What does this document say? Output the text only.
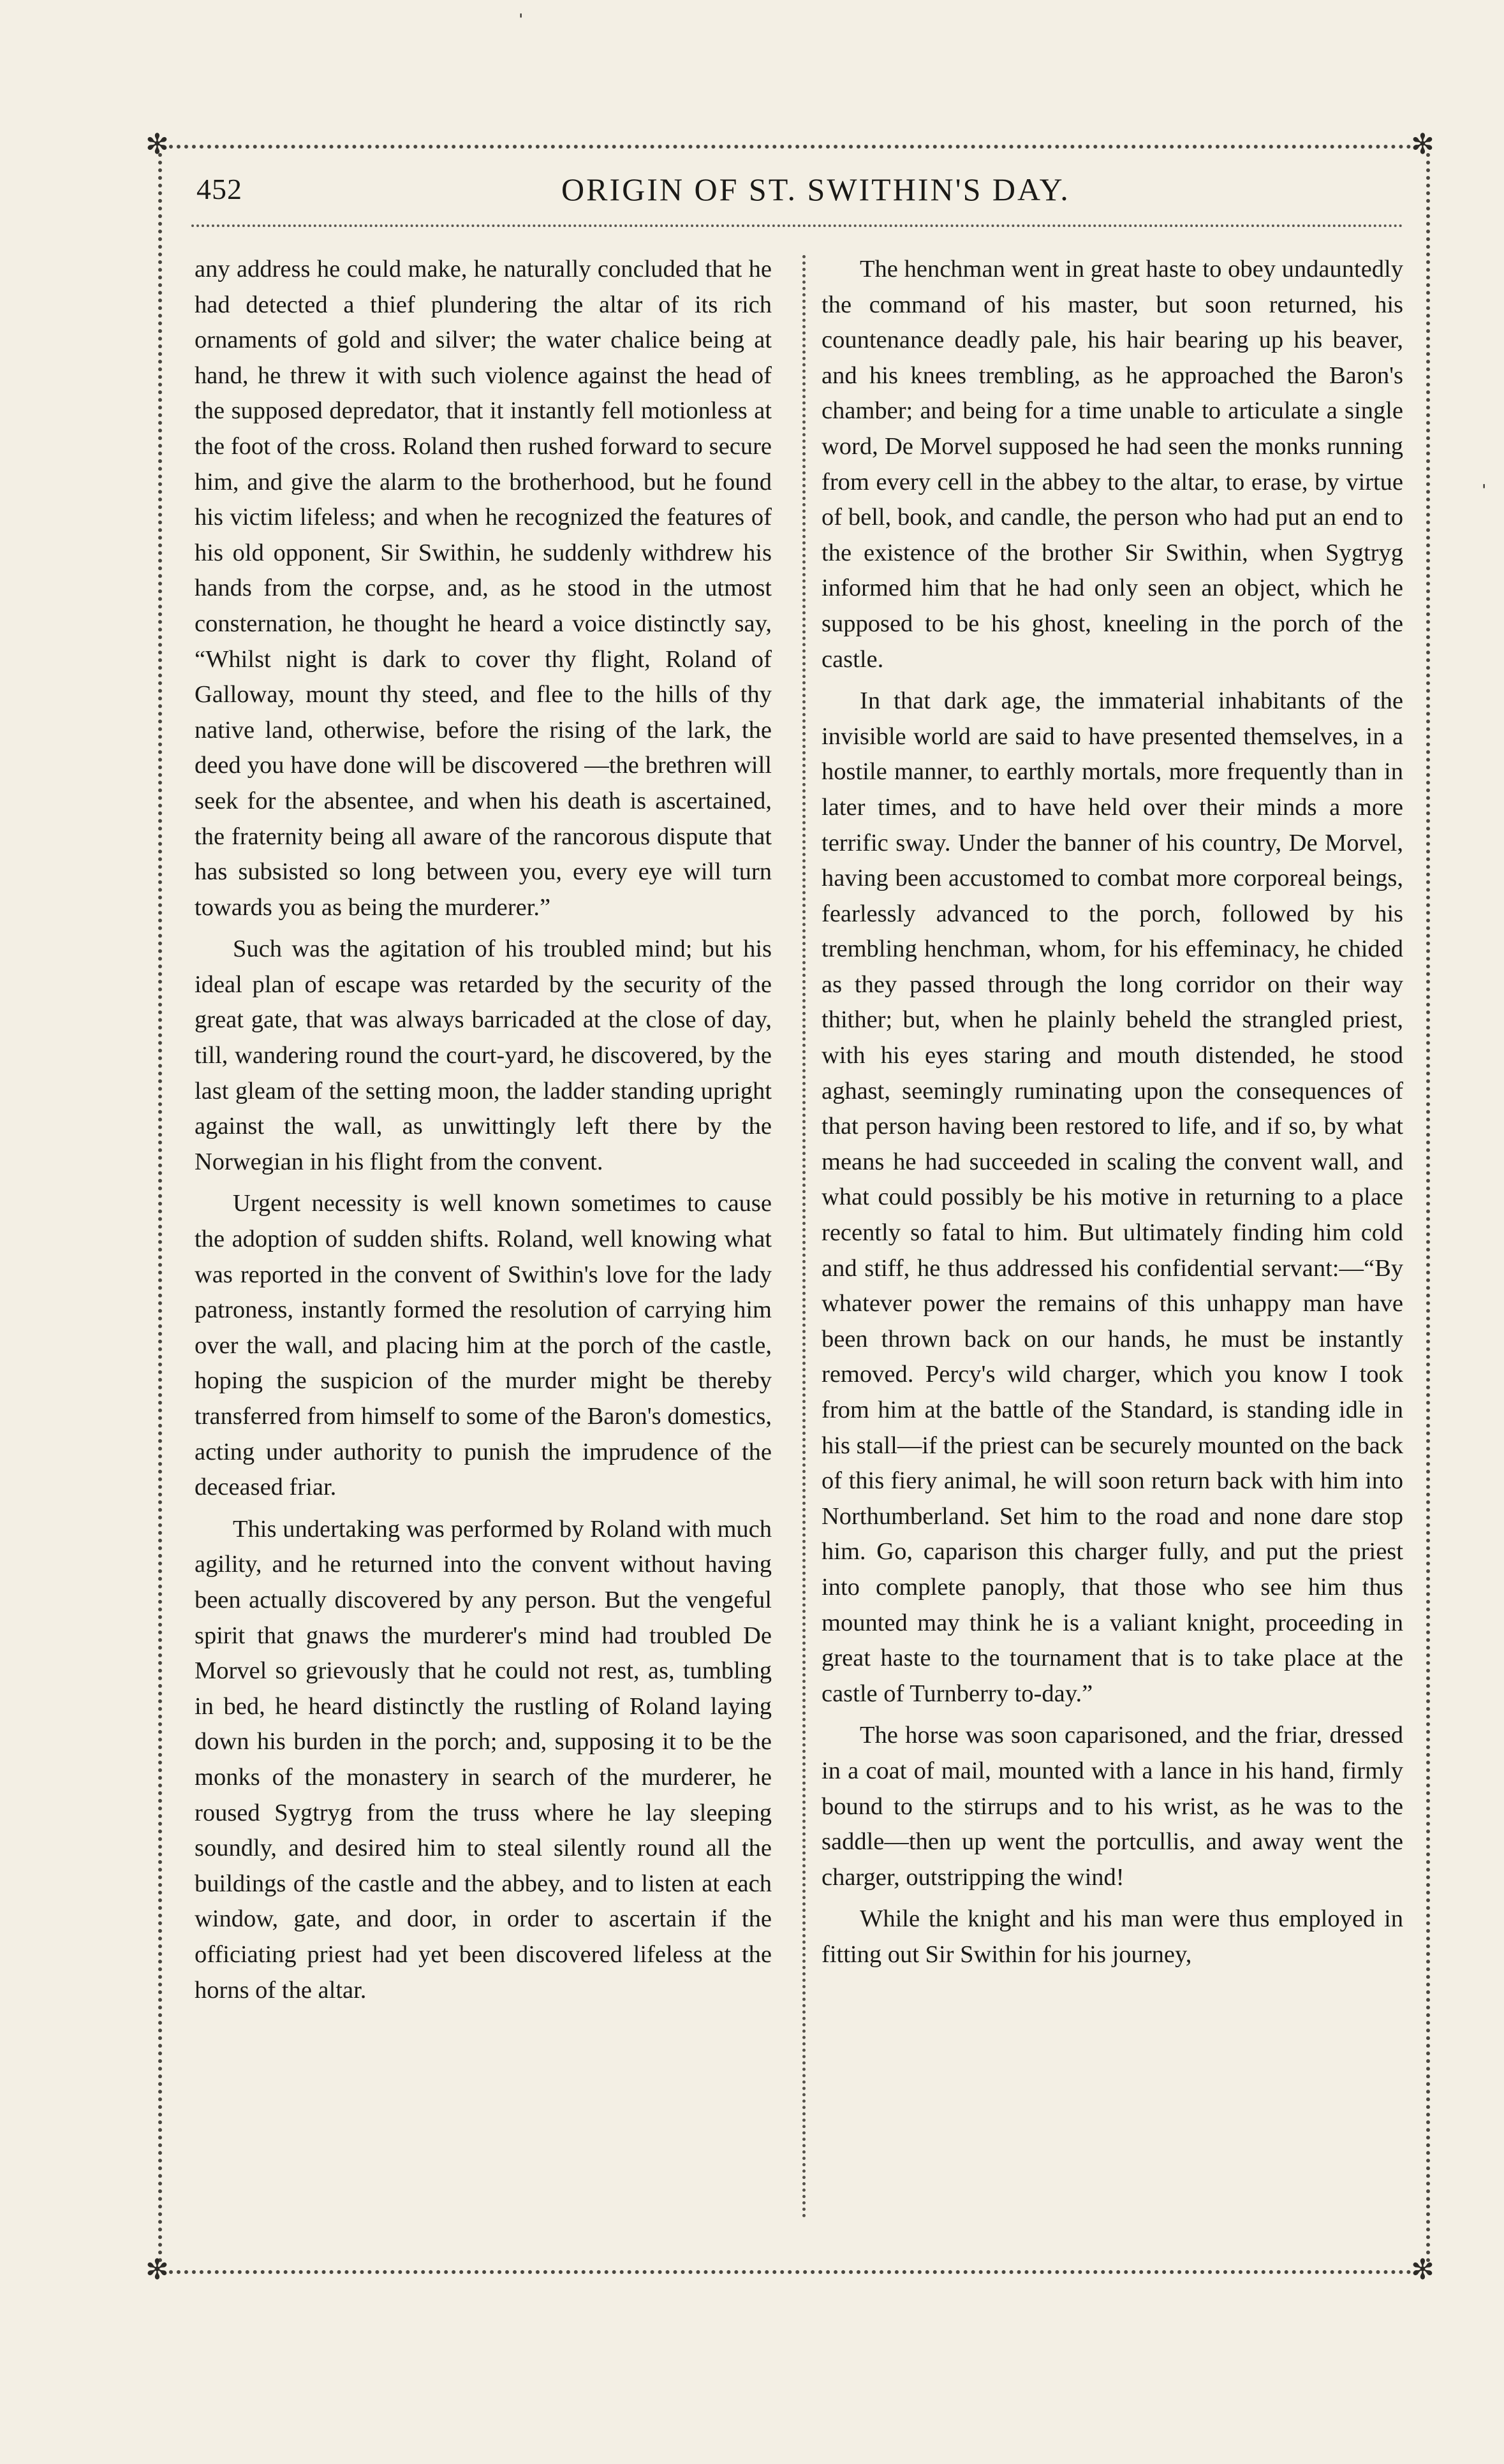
✻	✻
✻	✻
ˈ
ˈ
452	ORIGIN OF ST. SWITHIN'S DAY.

any address he could make, he naturally concluded that he had detected a thief plundering the altar of its rich ornaments of gold and silver; the water chalice being at hand, he threw it with such violence against the head of the supposed depredator, that it instantly fell motionless at the foot of the cross. Roland then rushed forward to secure him, and give the alarm to the brotherhood, but he found his victim lifeless; and when he recognized the features of his old opponent, Sir Swithin, he suddenly withdrew his hands from the corpse, and, as he stood in the utmost consternation, he thought he heard a voice distinctly say, “Whilst night is dark to cover thy flight, Roland of Galloway, mount thy steed, and flee to the hills of thy native land, otherwise, before the rising of the lark, the deed you have done will be discovered —the brethren will seek for the absentee, and when his death is ascertained, the fraternity being all aware of the rancorous dispute that has subsisted so long between you, every eye will turn towards you as being the murderer.”

Such was the agitation of his troubled mind; but his ideal plan of escape was retarded by the security of the great gate, that was always barricaded at the close of day, till, wandering round the court-yard, he discovered, by the last gleam of the setting moon, the ladder standing upright against the wall, as unwittingly left there by the Norwegian in his flight from the convent.

Urgent necessity is well known sometimes to cause the adoption of sudden shifts. Roland, well knowing what was reported in the convent of Swithin's love for the lady patroness, instantly formed the resolution of carrying him over the wall, and placing him at the porch of the castle, hoping the suspicion of the murder might be thereby transferred from himself to some of the Baron's domestics, acting under authority to punish the imprudence of the deceased friar.

This undertaking was performed by Roland with much agility, and he returned into the convent without having been actually discovered by any person. But the vengeful spirit that gnaws the murderer's mind had troubled De Morvel so grievously that he could not rest, as, tumbling in bed, he heard distinctly the rustling of Roland laying down his burden in the porch; and, supposing it to be the monks of the monastery in search of the murderer, he roused Sygtryg from the truss where he lay sleeping soundly, and desired him to steal silently round all the buildings of the castle and the abbey, and to listen at each window, gate, and door, in order to ascertain if the officiating priest had yet been discovered lifeless at the horns of the altar.

The henchman went in great haste to obey undauntedly the command of his master, but soon returned, his countenance deadly pale, his hair bearing up his beaver, and his knees trembling, as he approached the Baron's chamber; and being for a time unable to articulate a single word, De Morvel supposed he had seen the monks running from every cell in the abbey to the altar, to erase, by virtue of bell, book, and candle, the person who had put an end to the existence of the brother Sir Swithin, when Sygtryg informed him that he had only seen an object, which he supposed to be his ghost, kneeling in the porch of the castle.

In that dark age, the immaterial inhabitants of the invisible world are said to have presented themselves, in a hostile manner, to earthly mortals, more frequently than in later times, and to have held over their minds a more terrific sway. Under the banner of his country, De Morvel, having been accustomed to combat more corporeal beings, fearlessly advanced to the porch, followed by his trembling henchman, whom, for his effeminacy, he chided as they passed through the long corridor on their way thither; but, when he plainly beheld the strangled priest, with his eyes staring and mouth distended, he stood aghast, seemingly ruminating upon the consequences of that person having been restored to life, and if so, by what means he had succeeded in scaling the convent wall, and what could possibly be his motive in returning to a place recently so fatal to him. But ultimately finding him cold and stiff, he thus addressed his confidential servant:—“By whatever power the remains of this unhappy man have been thrown back on our hands, he must be instantly removed. Percy's wild charger, which you know I took from him at the battle of the Standard, is standing idle in his stall—if the priest can be securely mounted on the back of this fiery animal, he will soon return back with him into Northumberland. Set him to the road and none dare stop him. Go, caparison this charger fully, and put the priest into complete panoply, that those who see him thus mounted may think he is a valiant knight, proceeding in great haste to the tournament that is to take place at the castle of Turnberry to-day.”

The horse was soon caparisoned, and the friar, dressed in a coat of mail, mounted with a lance in his hand, firmly bound to the stirrups and to his wrist, as he was to the saddle—then up went the portcullis, and away went the charger, outstripping the wind!

While the knight and his man were thus employed in fitting out Sir Swithin for his journey,
